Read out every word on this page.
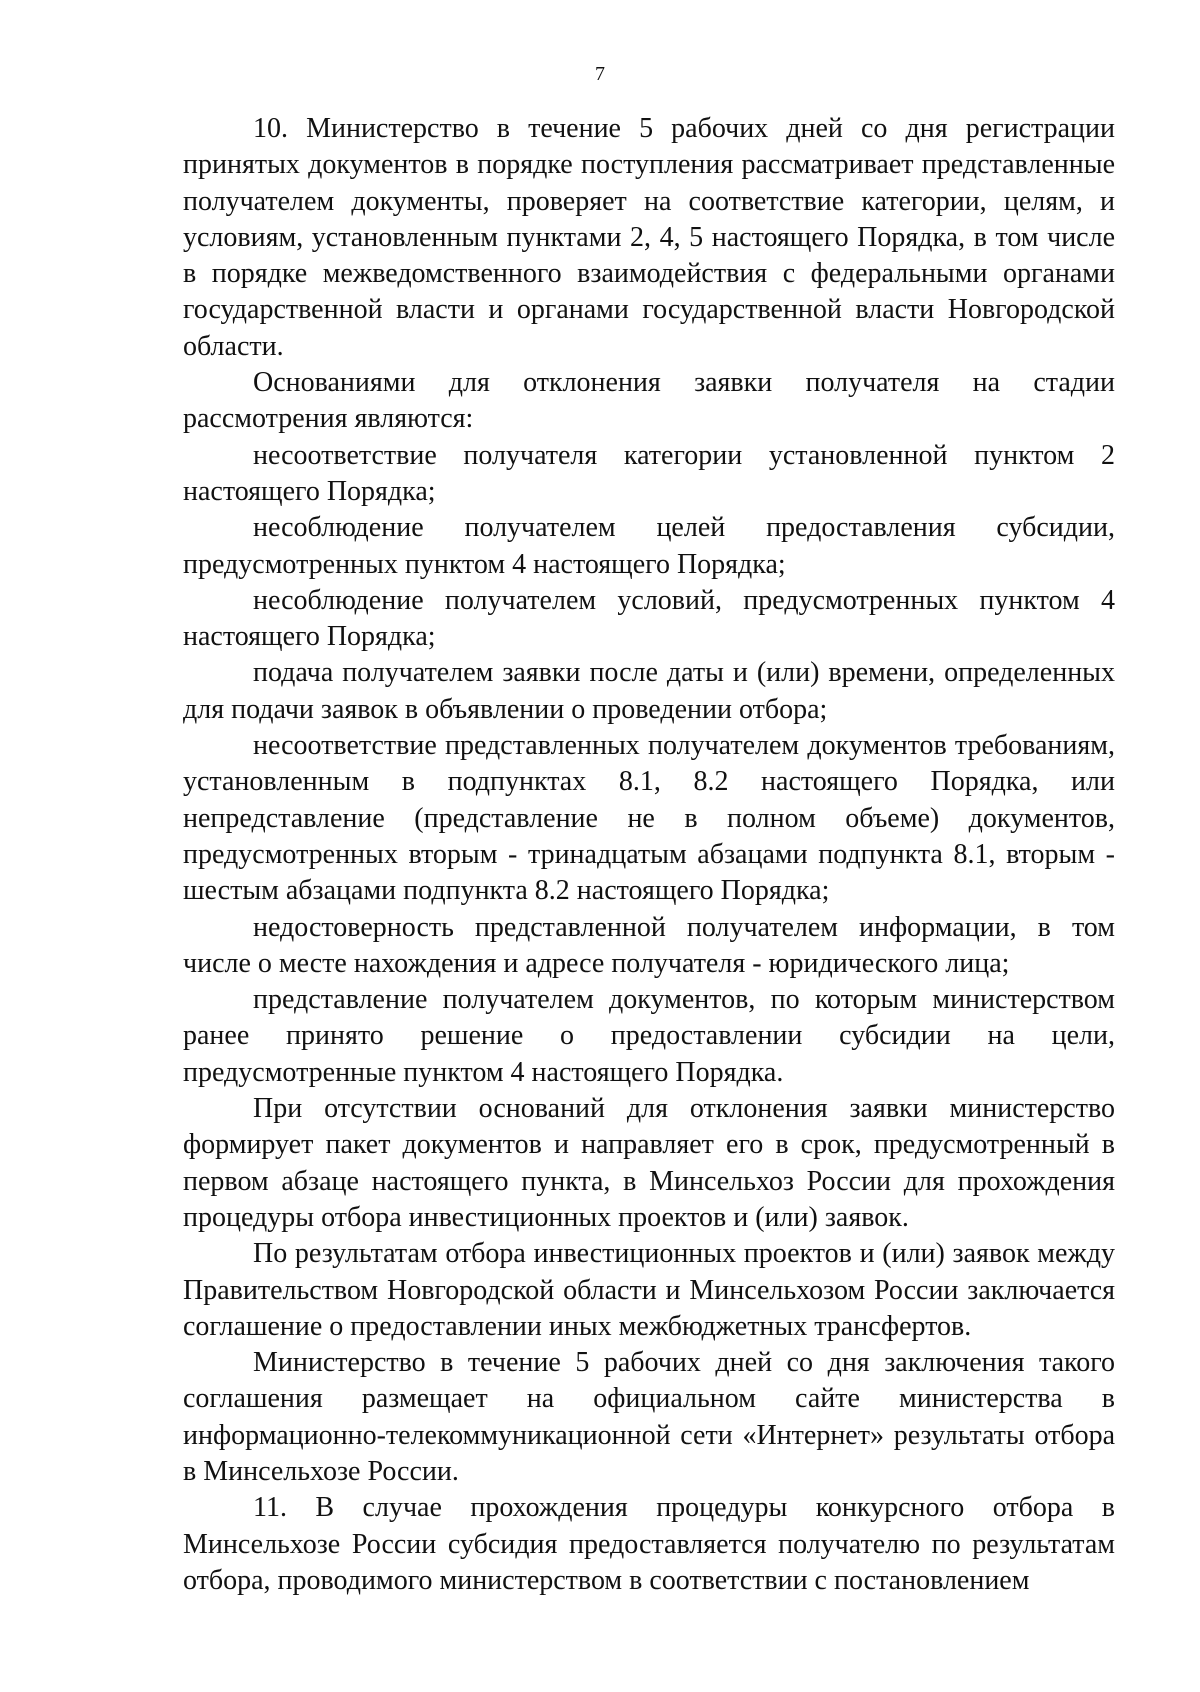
7

10. Министерство в течение 5 рабочих дней со дня регистрации принятых документов в порядке поступления рассматривает представленные получателем документы, проверяет на соответствие категории, целям, и условиям, установленным пунктами 2, 4, 5 настоящего Порядка, в том числе в порядке межведомственного взаимодействия с федеральными органами государственной власти и органами государственной власти Новгородской области.

Основаниями для отклонения заявки получателя на стадии рассмотрения являются:

несоответствие получателя категории установленной пунктом 2 настоящего Порядка;

несоблюдение получателем целей предоставления субсидии, предусмотренных пунктом 4 настоящего Порядка;

несоблюдение получателем условий, предусмотренных пунктом 4 настоящего Порядка;

подача получателем заявки после даты и (или) времени, определенных для подачи заявок в объявлении о проведении отбора;

несоответствие представленных получателем документов требованиям, установленным в подпунктах 8.1, 8.2 настоящего Порядка, или непредставление (представление не в полном объеме) документов, предусмотренных вторым - тринадцатым абзацами подпункта 8.1, вторым - шестым абзацами подпункта 8.2 настоящего Порядка;

недостоверность представленной получателем информации, в том числе о месте нахождения и адресе получателя - юридического лица;

представление получателем документов, по которым министерством ранее принято решение о предоставлении субсидии на цели, предусмотренные пунктом 4 настоящего Порядка.

При отсутствии оснований для отклонения заявки министерство формирует пакет документов и направляет его в срок, предусмотренный в первом абзаце настоящего пункта, в Минсельхоз России для прохождения процедуры отбора инвестиционных проектов и (или) заявок.

По результатам отбора инвестиционных проектов и (или) заявок между Правительством Новгородской области и Минсельхозом России заключается соглашение о предоставлении иных межбюджетных трансфертов.

Министерство в течение 5 рабочих дней со дня заключения такого соглашения размещает на официальном сайте министерства в информационно-телекоммуникационной сети «Интернет» результаты отбора в Минсельхозе России.

11. В случае прохождения процедуры конкурсного отбора в Минсельхозе России субсидия предоставляется получателю по результатам отбора, проводимого министерством в соответствии с постановлением
